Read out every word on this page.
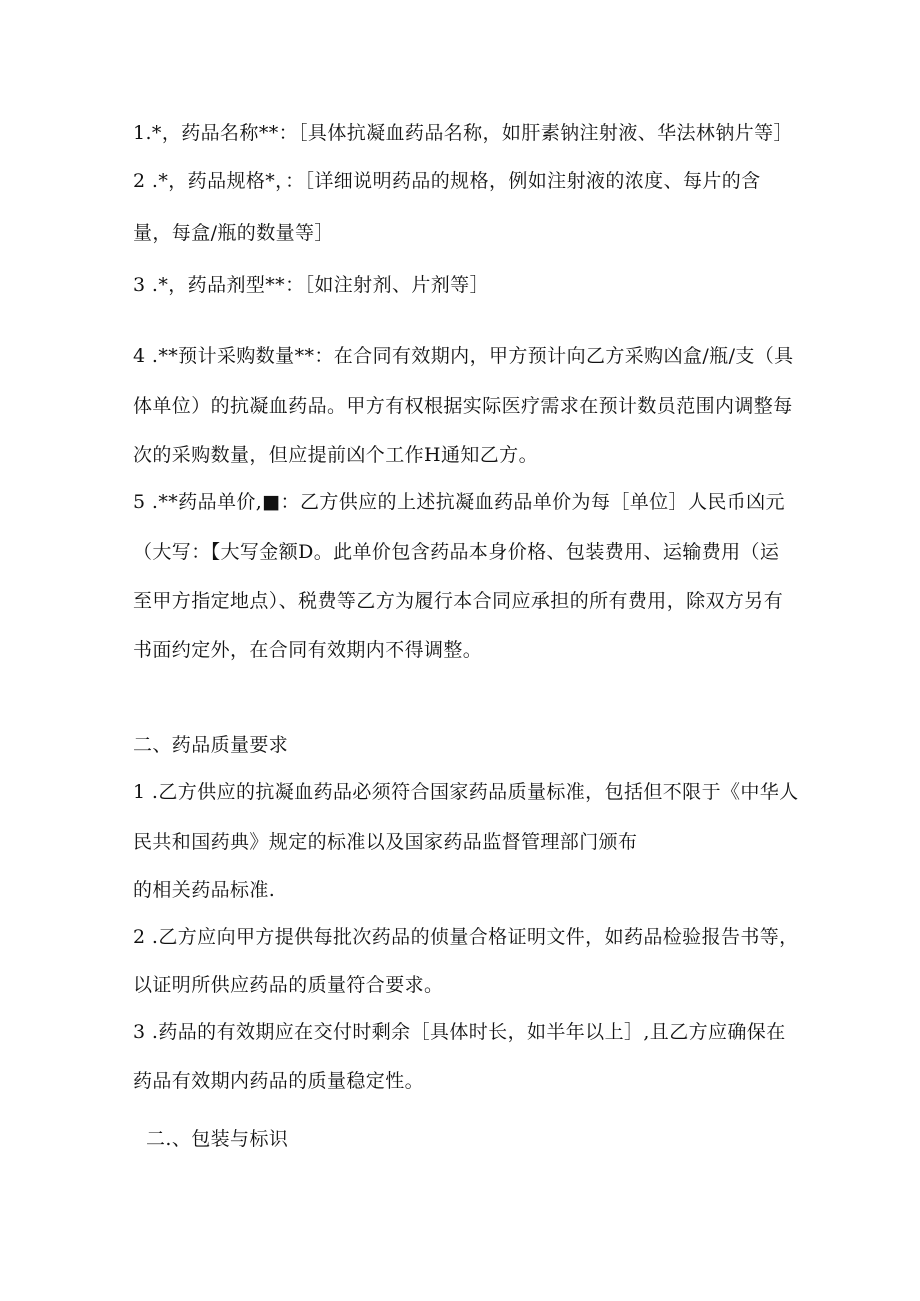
1.*，药品名称**：［具体抗凝血药品名称，如肝素钠注射液、华法林钠片等］
2 .*，药品规格*，：［详细说明药品的规格，例如注射液的浓度、每片的含
量，每盒/瓶的数量等］
3 .*，药品剂型**：［如注射剂、片剂等］
4 .**预计采购数量**：在合同有效期内，甲方预计向乙方采购凶盒/瓶/支（具
体单位）的抗凝血药品。甲方有权根据实际医疗需求在预计数员范围内调整每
次的采购数量，但应提前凶个工作H通知乙方。
5 .**药品单价,■：乙方供应的上述抗凝血药品单价为每［单位］人民币凶元
（大写：【大写金额D。此单价包含药品本身价格、包装费用、运输费用（运
至甲方指定地点）、税费等乙方为履行本合同应承担的所有费用，除双方另有
书面约定外，在合同有效期内不得调整。
二、药品质量要求
1 .乙方供应的抗凝血药品必须符合国家药品质量标准，包括但不限于《中华人
民共和国药典》规定的标准以及国家药品监督管理部门颁布
的相关药品标准.
2 .乙方应向甲方提供每批次药品的侦量合格证明文件，如药品检验报告书等，
以证明所供应药品的质量符合要求。
3 .药品的有效期应在交付时剩余［具体时长，如半年以上］,且乙方应确保在
药品有效期内药品的质量稳定性。
二.、包装与标识
